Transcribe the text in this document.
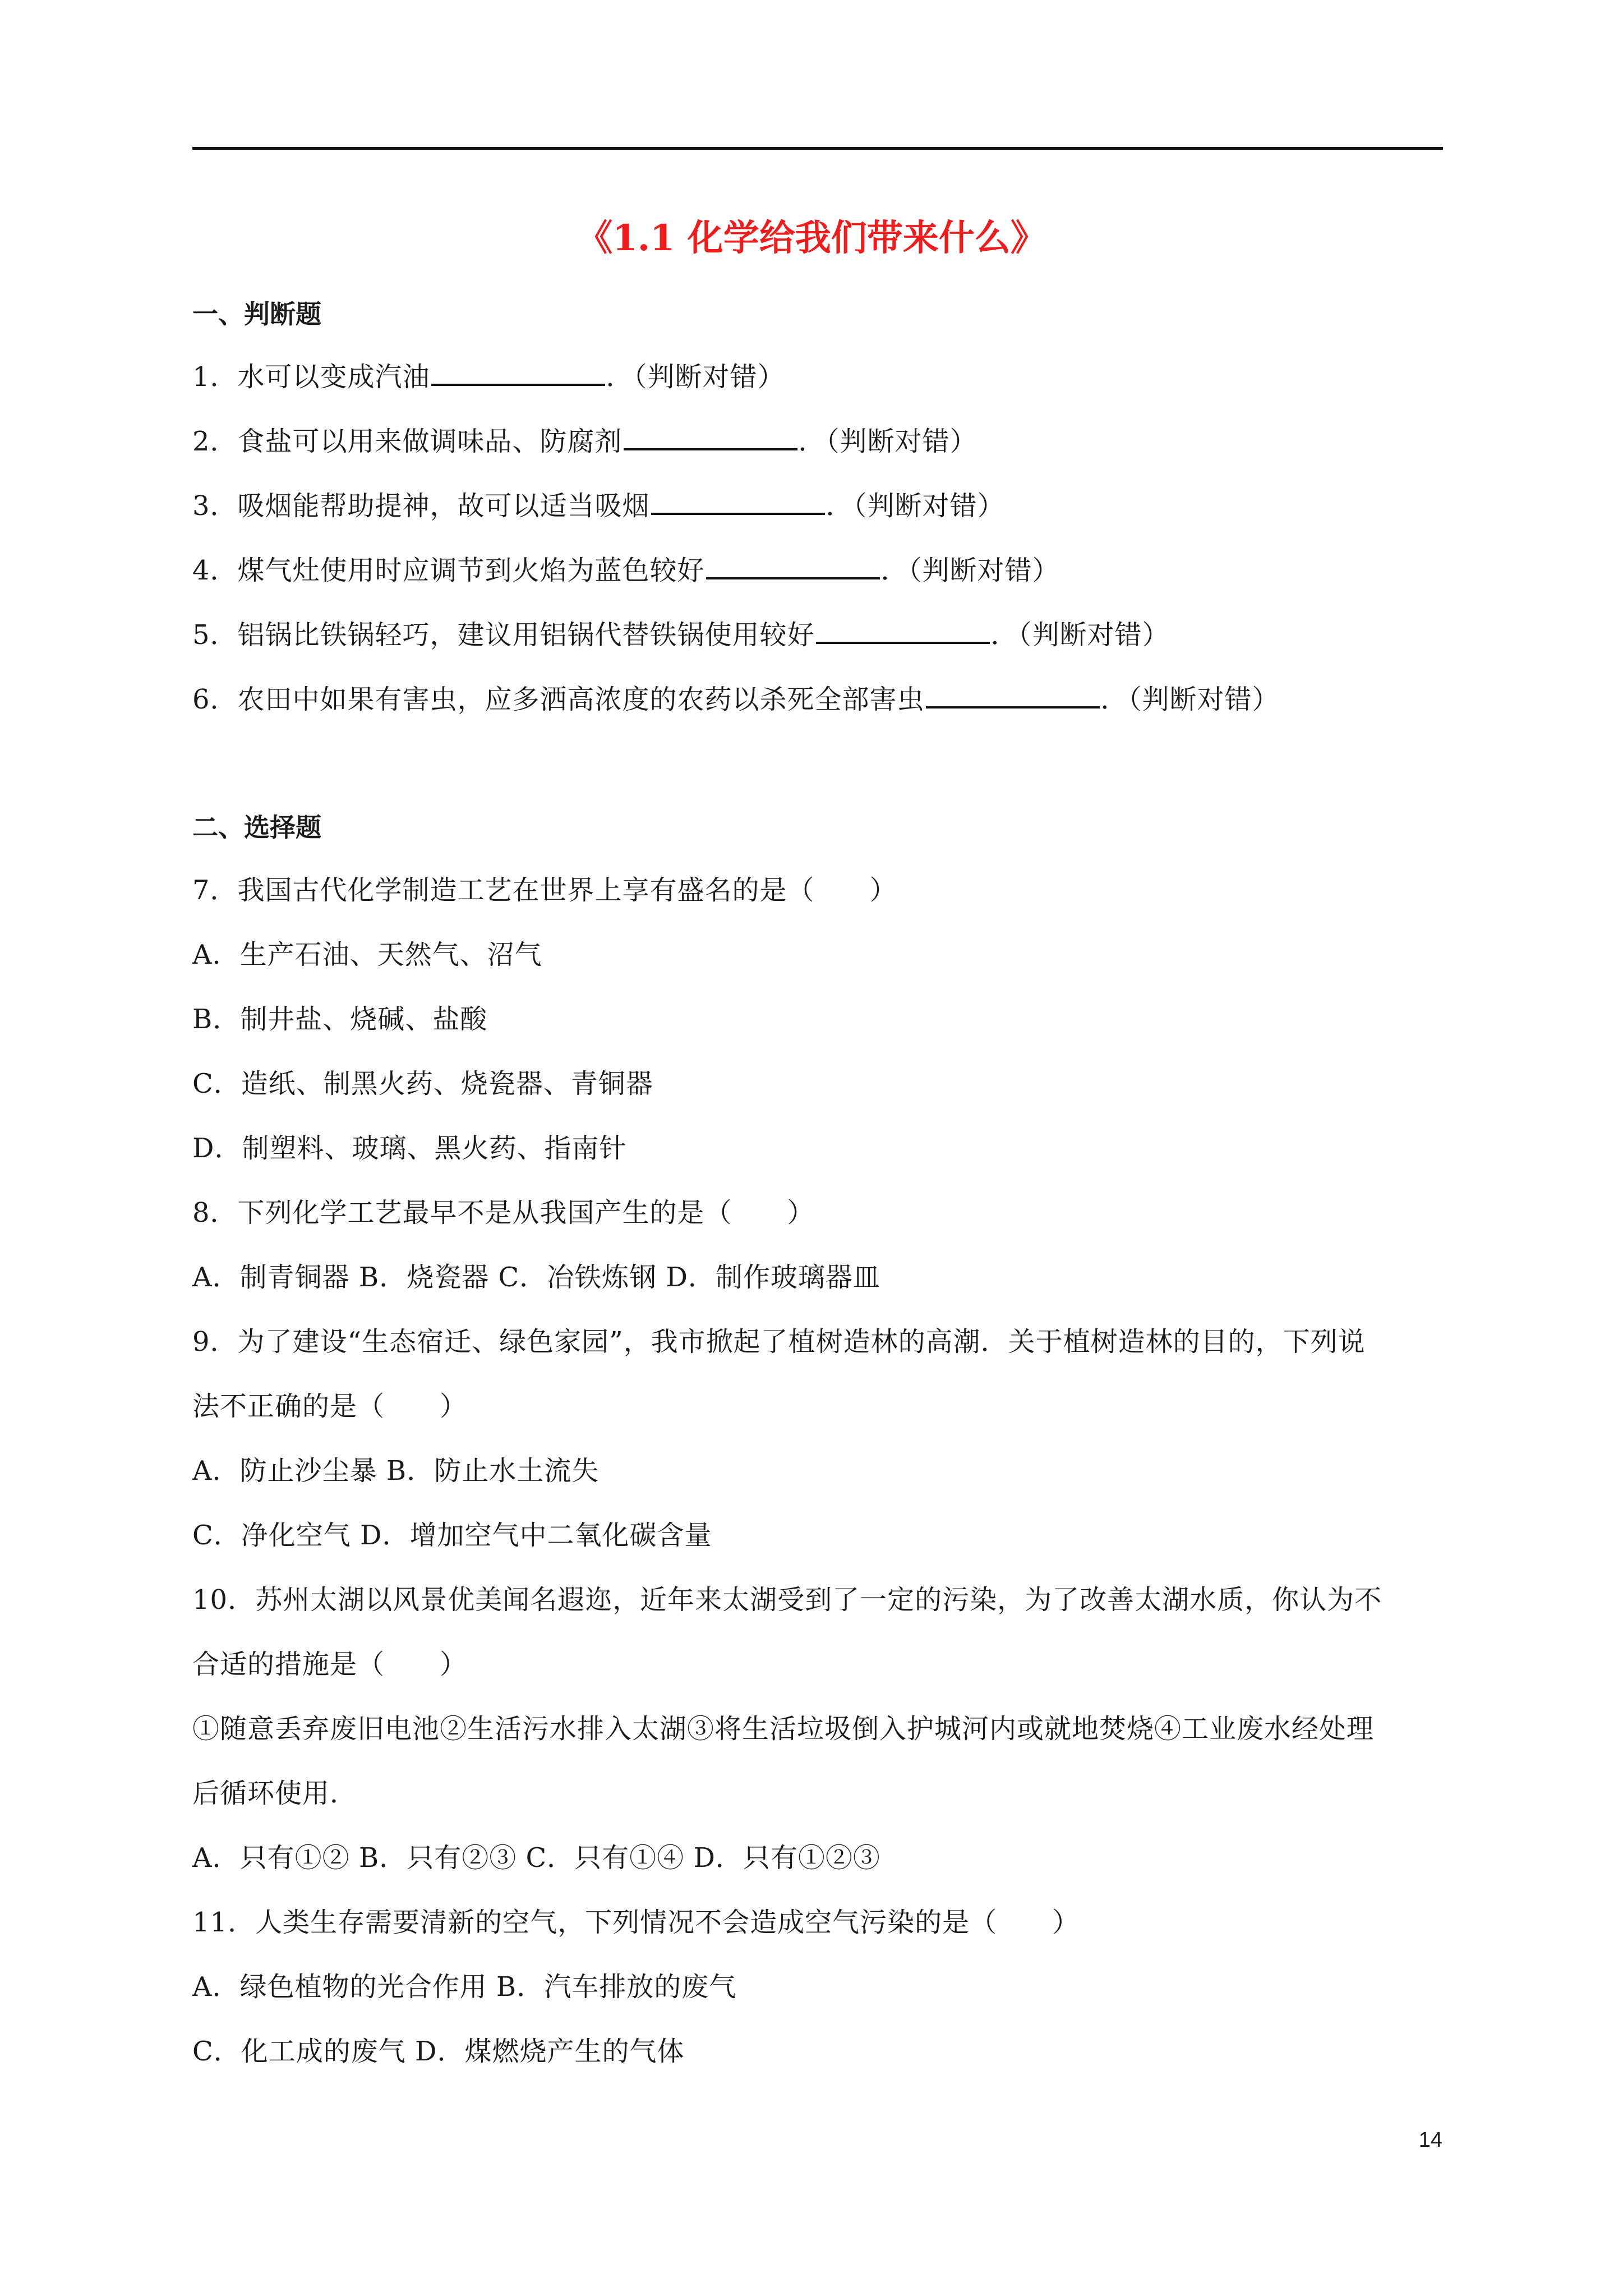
《1.1 化学给我们带来什么》
一、判断题
1．水可以变成汽油	．（判断对错）
2．食盐可以用来做调味品、防腐剂	．（判断对错）
3．吸烟能帮助提神，故可以适当吸烟	．（判断对错）
4．煤气灶使用时应调节到火焰为蓝色较好	．（判断对错）
5．铝锅比铁锅轻巧，建议用铝锅代替铁锅使用较好	．（判断对错）
6．农田中如果有害虫，应多洒高浓度的农药以杀死全部害虫	．（判断对错）
二、选择题
7．我国古代化学制造工艺在世界上享有盛名的是（　　）
A．生产石油、天然气、沼气
B．制井盐、烧碱、盐酸
C．造纸、制黑火药、烧瓷器、青铜器
D．制塑料、玻璃、黑火药、指南针
8．下列化学工艺最早不是从我国产生的是（　　）
A．制青铜器 B．烧瓷器 C．冶铁炼钢 D．制作玻璃器皿
9．为了建设“生态宿迁、绿色家园”，我市掀起了植树造林的高潮．关于植树造林的目的，下列说
法不正确的是（　　）
A．防止沙尘暴 B．防止水土流失
C．净化空气 D．增加空气中二氧化碳含量
10．苏州太湖以风景优美闻名遐迩，近年来太湖受到了一定的污染，为了改善太湖水质，你认为不
合适的措施是（　　）
①随意丢弃废旧电池②生活污水排入太湖③将生活垃圾倒入护城河内或就地焚烧④工业废水经处理
后循环使用．
A．只有①② B．只有②③ C．只有①④ D．只有①②③
11．人类生存需要清新的空气，下列情况不会造成空气污染的是（　　）
A．绿色植物的光合作用 B．汽车排放的废气
C．化工成的废气 D．煤燃烧产生的气体
14
